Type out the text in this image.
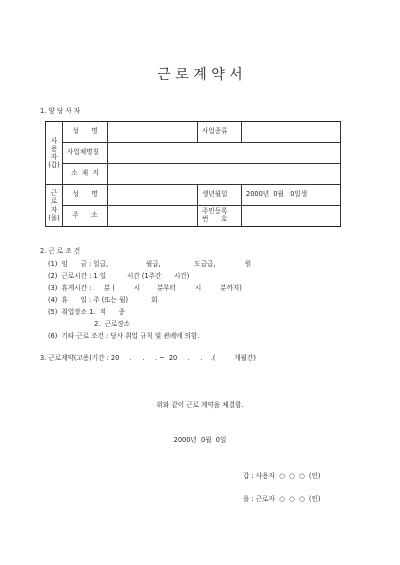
근 로 계 약 서
1. 양 당 사 자
사
용
자
(갑)	성      명		사업종류	
	사업체명칭			
	소  재  지			
근
로
자
(을)	성      명		생년월일	2000년  0월   0일생
	주      소		주민등록
번      호	
2. 근 로 조 건
(1)  임      금 : 일급,                  월급,                도급급,              원
(2)  근로시간 : 1 일          시간 (1주간      시간)
(3)  휴게시간 :      분 (         시        분부터         시         분까지)
(4)  휴      일 : 주 (또는 월)           회
(5)  취업장소 1.  직      종
2.  근로장소
(6)  기타 근로 조건 : 당사 취업 규칙 및 관례에 의함.
3. 근로계약(고용)기간 : 20     .     .     . ~  20     .     .    .(         개월간)
위와 같이 근로 계약을 체결함.
2000년  0월  0일
갑 : 사용자  ○  ○  ○  (인)
을 : 근로자  ○  ○  ○  (인)
